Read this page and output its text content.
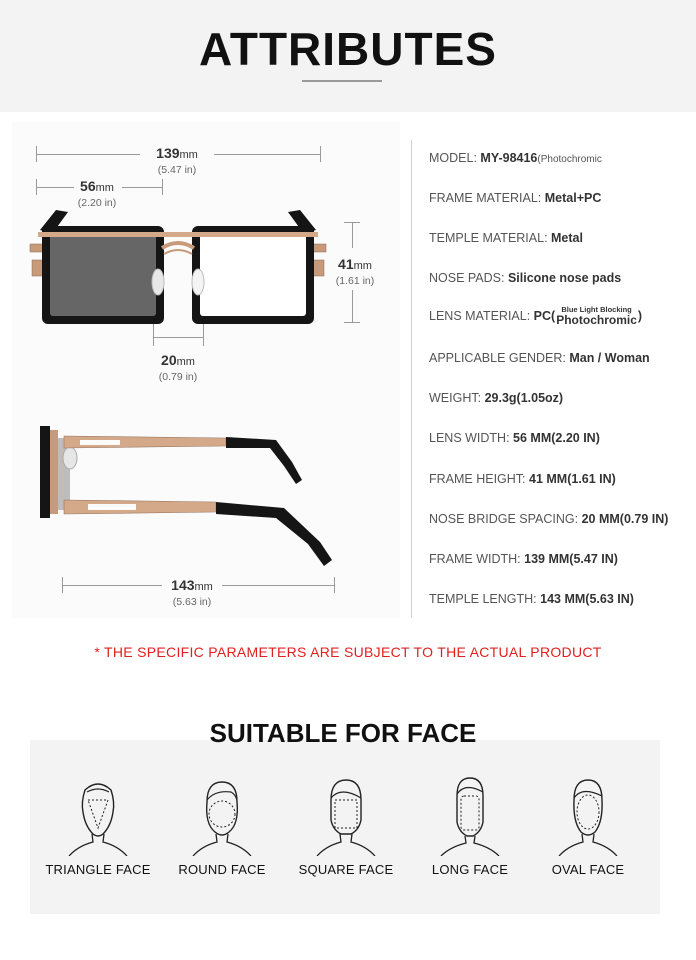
ATTRIBUTES
139mm
(5.47 in)
56mm
(2.20 in)
41mm
(1.61 in)
20mm
(0.79 in)
143mm
(5.63 in)
MODEL: MY-98416(Photochromic
FRAME MATERIAL: Metal+PC
TEMPLE MATERIAL: Metal
NOSE PADS: Silicone nose pads
LENS MATERIAL: PC( Blue Light Blocking
Photochromic )
APPLICABLE GENDER: Man / Woman
WEIGHT: 29.3g(1.05oz)
LENS WIDTH: 56 MM(2.20 IN)
FRAME HEIGHT: 41 MM(1.61 IN)
NOSE BRIDGE SPACING: 20 MM(0.79 IN)
FRAME WIDTH: 139 MM(5.47 IN)
TEMPLE LENGTH: 143 MM(5.63 IN)
* THE SPECIFIC PARAMETERS ARE SUBJECT TO THE ACTUAL PRODUCT
SUITABLE FOR FACE
TRIANGLE FACE	ROUND FACE	SQUARE FACE	LONG FACE	OVAL FACE
